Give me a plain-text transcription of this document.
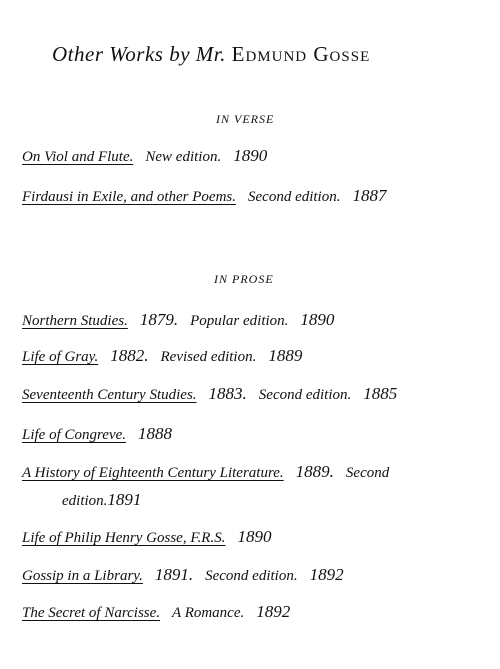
Other Works by Mr. Edmund Gosse
IN VERSE
On Viol and Flute. New edition. 1890
Firdausi in Exile, and other Poems. Second edition. 1887
IN PROSE
Northern Studies. 1879. Popular edition. 1890
Life of Gray. 1882. Revised edition. 1889
Seventeenth Century Studies. 1883. Second edition. 1885
Life of Congreve. 1888
A History of Eighteenth Century Literature. 1889. Second
edition.1891
Life of Philip Henry Gosse, F.R.S. 1890
Gossip in a Library. 1891. Second edition. 1892
The Secret of Narcisse. A Romance. 1892
